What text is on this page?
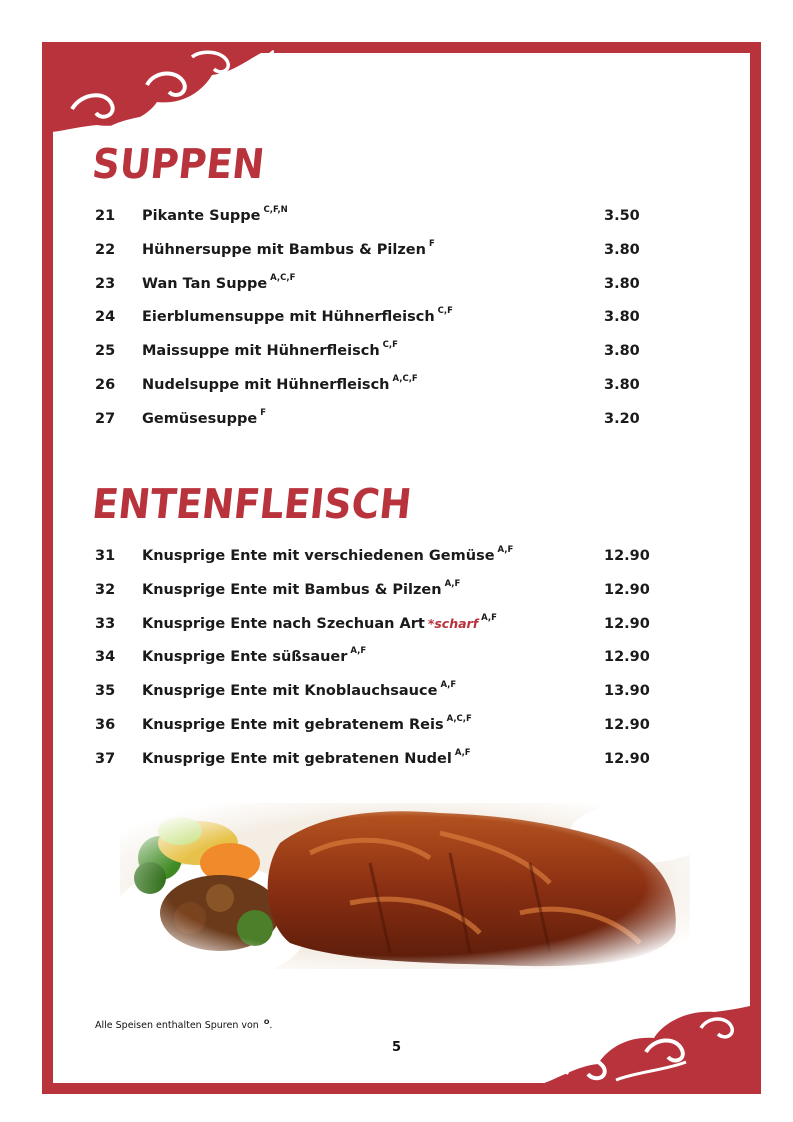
SUPPEN
21 Pikante Suppe $^{C,F,N}$	3.50
22 Hühnersuppe mit Bambus & Pilzen $^F$	3.80
23 Wan Tan Suppe $^{A,C,F}$	3.80
24 Eierblumensuppe mit Hühnerfleisch $^{C,F}$	3.80
25 Maissuppe mit Hühnerfleisch $^{C,F}$	3.80
26 Nudelsuppe mit Hühnerfleisch $^{A,C,F}$	3.80
27 Gemüsesuppe $^F$	3.20
ENTENFLEISCH
31 Knusprige Ente mit verschiedenen Gemüse $^{A,F}$	12.90
32 Knusprige Ente mit Bambus & Pilzen $^{A,F}$	12.90
33 Knusprige Ente nach Szechuan Art *scharf $^{A,F}$	12.90
34 Knusprige Ente süßsauer $^{A,F}$	12.90
35 Knusprige Ente mit Knoblauchsauce $^{A,F}$	13.90
36 Knusprige Ente mit gebratenem Reis $^{A,C,F}$	12.90
37 Knusprige Ente mit gebratenen Nudel $^{A,F}$	12.90
Alle Speisen enthalten Spuren von $^O$.
5
